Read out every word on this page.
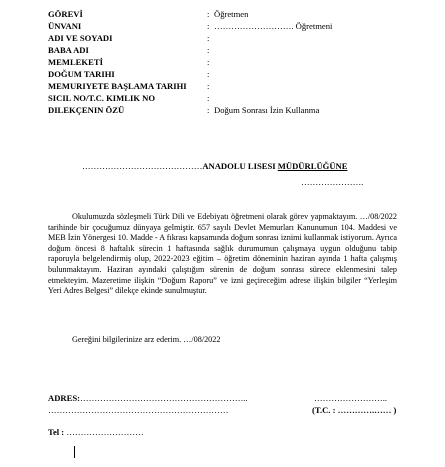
GÖREVİ	: Öğretmen
ÜNVANI	: ………………………. Öğretmeni
ADI VE SOYADI	:
BABA ADI	:
MEMLEKETİ	:
DOĞUM TARIHI	:
MEMURIYETE BAŞLAMA TARIHI :
SICIL NO/T.C. KIMLIK NO	:
DILEKÇENIN ÖZÜ	: Doğum Sonrası İzin Kullanma
……………………………………ANADOLU LISESI MÜDÜRLÜĞÜNE
………………….
Okulumuzda sözleşmeli Türk Dili ve Edebiyatı öğretmeni olarak görev yapmaktayım. …/08/2022 tarihinde bir çocuğumuz dünyaya gelmiştir. 657 sayılı Devlet Memurları Kanunumun 104. Maddesi ve MEB İzin Yönergesi 10. Madde - A fıkrası kapsamında doğum sonrası iznimi kullanmak istiyorum. Ayrıca doğum öncesi 8 haftalık sürecin 1 haftasında sağlık durumumun çalışmaya uygun olduğunu tabip raporuyla belgelendirmiş olup, 2022-2023 eğitim – öğretim döneminin haziran ayında 1 hafta çalışmış bulunmaktayım. Haziran ayındaki çalıştığım sürenin de doğum sonrası sürece eklenmesini talep etmekteyim. Mazeretime ilişkin “Doğum Raporu” ve izni geçireceğim adrese ilişkin bilgiler “Yerleşim Yeri Adres Belgesi” dilekçe ekinde sunulmuştur.
Gereğini bilgilerinize arz ederim. …/08/2022
ADRES:…………………………………………………..	……………………..
………………………………………………………	(T.C. : ………….…… )
Tel : ………………………
